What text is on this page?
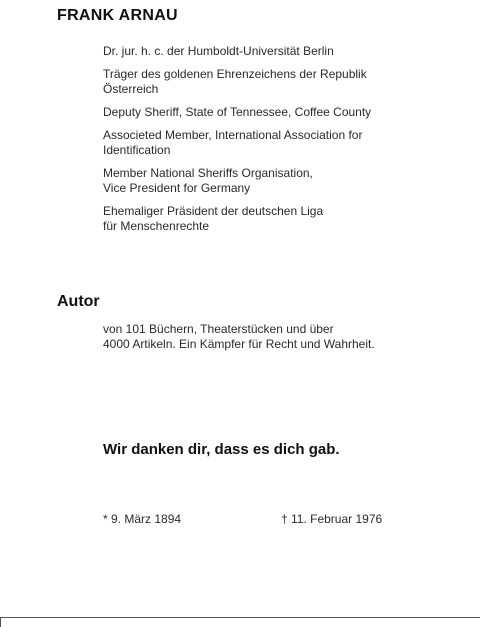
FRANK ARNAU
Dr. jur. h. c. der Humboldt-Universität Berlin
Träger des goldenen Ehrenzeichens der Republik
Österreich
Deputy Sheriff, State of Tennessee, Coffee County
Associeted Member, International Association for
Identification
Member National Sheriffs Organisation,
Vice President for Germany
Ehemaliger Präsident der deutschen Liga
für Menschenrechte
Autor
von 101 Büchern, Theaterstücken und über
4000 Artikeln. Ein Kämpfer für Recht und Wahrheit.
Wir danken dir, dass es dich gab.
* 9. März 1894	† 11. Februar 1976
